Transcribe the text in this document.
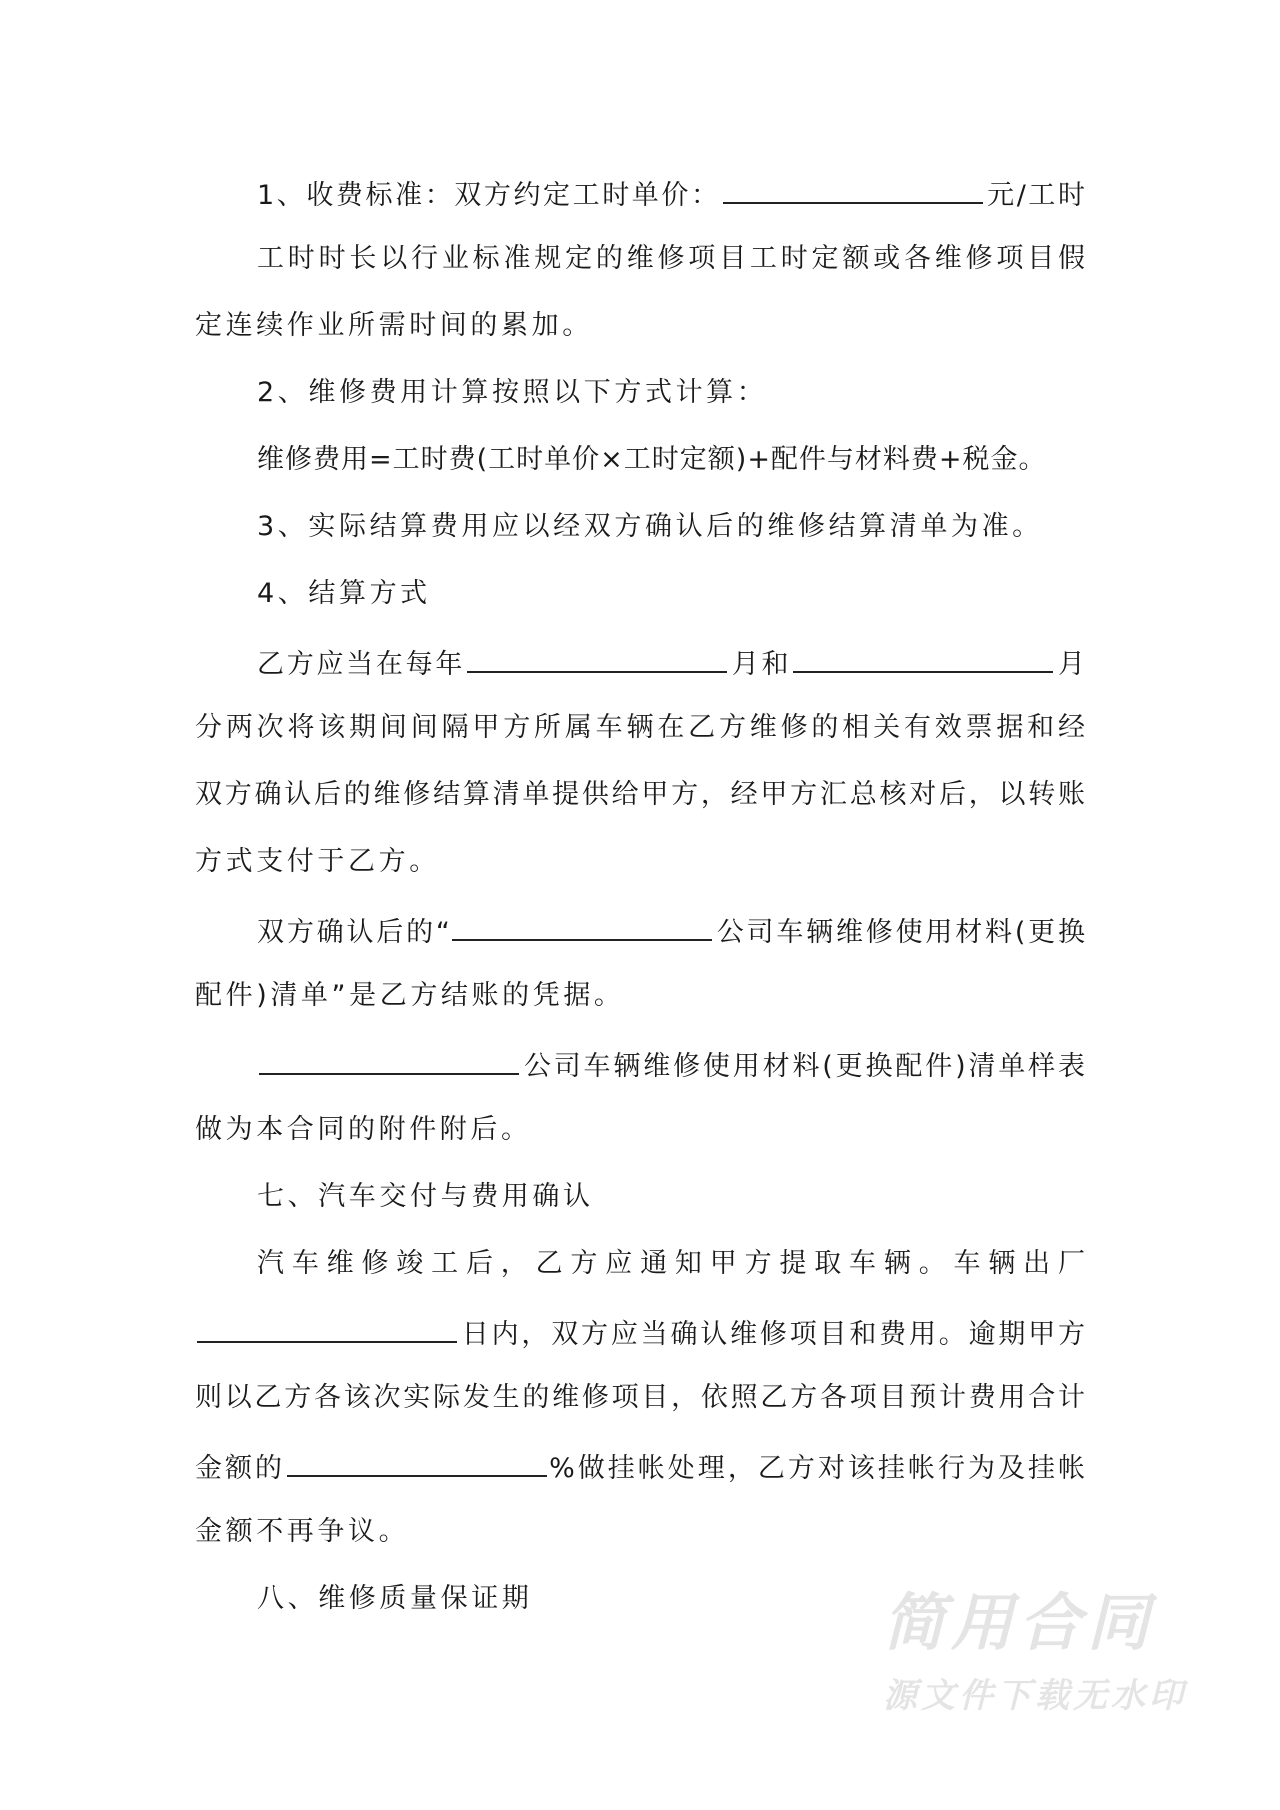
1、收费标准：双方约定工时单价：	元/工时
工时时长以行业标准规定的维修项目工时定额或各维修项目假
定连续作业所需时间的累加。
2、维修费用计算按照以下方式计算：
维修费用=工时费(工时单价×工时定额)+配件与材料费+税金。
3、实际结算费用应以经双方确认后的维修结算清单为准。
4、结算方式
乙方应当在每年	月和	月
分两次将该期间间隔甲方所属车辆在乙方维修的相关有效票据和经
双方确认后的维修结算清单提供给甲方，经甲方汇总核对后，以转账
方式支付于乙方。
双方确认后的“	公司车辆维修使用材料(更换
配件)清单”是乙方结账的凭据。
公司车辆维修使用材料(更换配件)清单样表
做为本合同的附件附后。
七、汽车交付与费用确认
汽车维修竣工后，乙方应通知甲方提取车辆。车辆出厂
日内，双方应当确认维修项目和费用。逾期甲方
则以乙方各该次实际发生的维修项目，依照乙方各项目预计费用合计
金额的	%做挂帐处理，乙方对该挂帐行为及挂帐
金额不再争议。
八、维修质量保证期	简用合同
源文件下载无水印
